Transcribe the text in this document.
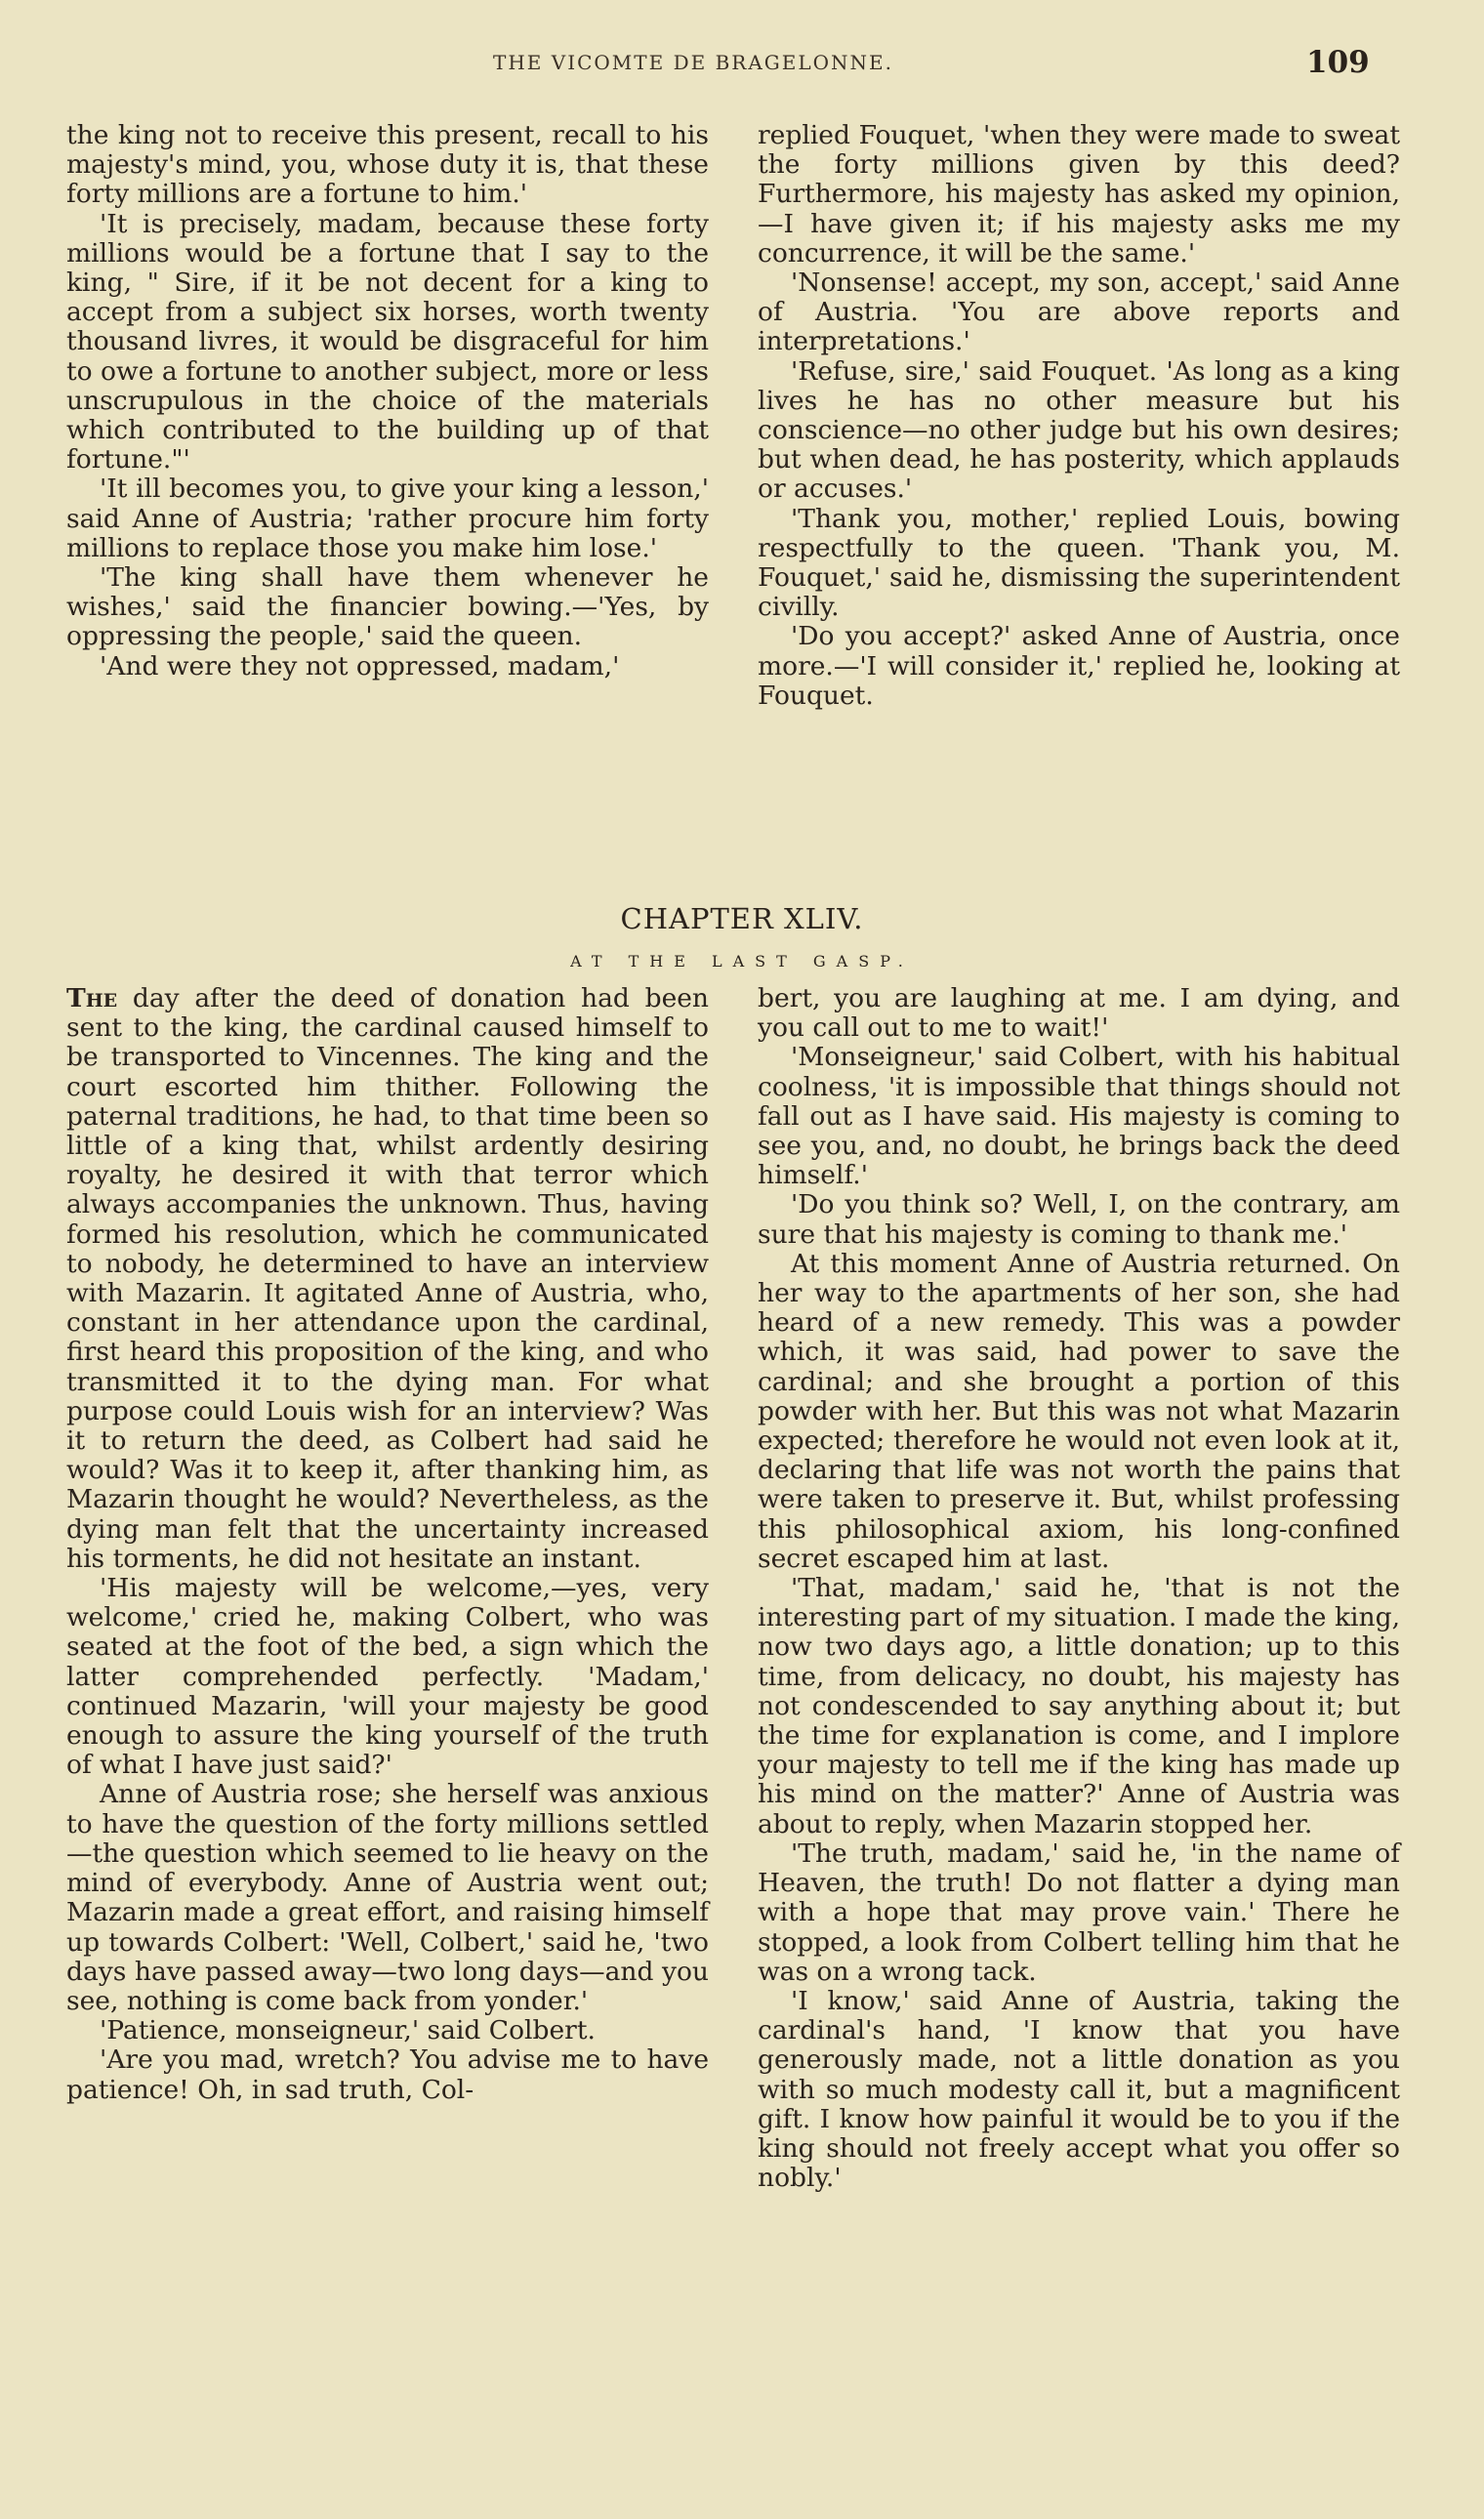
THE VICOMTE DE BRAGELONNE.	109

the king not to receive this present, recall to his majesty's mind, you, whose duty it is, that these forty millions are a fortune to him.'

'It is precisely, madam, because these forty millions would be a fortune that I say to the king, " Sire, if it be not decent for a king to accept from a subject six horses, worth twenty thousand livres, it would be disgraceful for him to owe a fortune to another subject, more or less unscrupulous in the choice of the materials which contributed to the building up of that fortune."'

'It ill becomes you, to give your king a lesson,' said Anne of Austria; 'rather procure him forty millions to replace those you make him lose.'

'The king shall have them whenever he wishes,' said the financier bowing.—'Yes, by oppressing the people,' said the queen.

'And were they not oppressed, madam,'

replied Fouquet, 'when they were made to sweat the forty millions given by this deed? Furthermore, his majesty has asked my opinion,—I have given it; if his majesty asks me my concurrence, it will be the same.'

'Nonsense! accept, my son, accept,' said Anne of Austria. 'You are above reports and interpretations.'

'Refuse, sire,' said Fouquet. 'As long as a king lives he has no other measure but his conscience—no other judge but his own desires; but when dead, he has posterity, which applauds or accuses.'

'Thank you, mother,' replied Louis, bowing respectfully to the queen. 'Thank you, M. Fouquet,' said he, dismissing the superintendent civilly.

'Do you accept?' asked Anne of Austria, once more.—'I will consider it,' replied he, looking at Fouquet.

CHAPTER XLIV.
AT THE LAST GASP.

The day after the deed of donation had been sent to the king, the cardinal caused himself to be transported to Vincennes. The king and the court escorted him thither. Following the paternal traditions, he had, to that time been so little of a king that, whilst ardently desiring royalty, he desired it with that terror which always accompanies the unknown. Thus, having formed his resolution, which he communicated to nobody, he determined to have an interview with Mazarin. It agitated Anne of Austria, who, constant in her attendance upon the cardinal, first heard this proposition of the king, and who transmitted it to the dying man. For what purpose could Louis wish for an interview? Was it to return the deed, as Colbert had said he would? Was it to keep it, after thanking him, as Mazarin thought he would? Nevertheless, as the dying man felt that the uncertainty increased his torments, he did not hesitate an instant.

'His majesty will be welcome,—yes, very welcome,' cried he, making Colbert, who was seated at the foot of the bed, a sign which the latter comprehended perfectly. 'Madam,' continued Mazarin, 'will your majesty be good enough to assure the king yourself of the truth of what I have just said?'

Anne of Austria rose; she herself was anxious to have the question of the forty millions settled—the question which seemed to lie heavy on the mind of everybody. Anne of Austria went out; Mazarin made a great effort, and raising himself up towards Colbert: 'Well, Colbert,' said he, 'two days have passed away—two long days—and you see, nothing is come back from yonder.'

'Patience, monseigneur,' said Colbert.

'Are you mad, wretch? You advise me to have patience! Oh, in sad truth, Col-

bert, you are laughing at me. I am dying, and you call out to me to wait!'

'Monseigneur,' said Colbert, with his habitual coolness, 'it is impossible that things should not fall out as I have said. His majesty is coming to see you, and, no doubt, he brings back the deed himself.'

'Do you think so? Well, I, on the contrary, am sure that his majesty is coming to thank me.'

At this moment Anne of Austria returned. On her way to the apartments of her son, she had heard of a new remedy. This was a powder which, it was said, had power to save the cardinal; and she brought a portion of this powder with her. But this was not what Mazarin expected; therefore he would not even look at it, declaring that life was not worth the pains that were taken to preserve it. But, whilst professing this philosophical axiom, his long-confined secret escaped him at last.

'That, madam,' said he, 'that is not the interesting part of my situation. I made the king, now two days ago, a little donation; up to this time, from delicacy, no doubt, his majesty has not condescended to say anything about it; but the time for explanation is come, and I implore your majesty to tell me if the king has made up his mind on the matter?' Anne of Austria was about to reply, when Mazarin stopped her.

'The truth, madam,' said he, 'in the name of Heaven, the truth! Do not flatter a dying man with a hope that may prove vain.' There he stopped, a look from Colbert telling him that he was on a wrong tack.

'I know,' said Anne of Austria, taking the cardinal's hand, 'I know that you have generously made, not a little donation as you with so much modesty call it, but a magnificent gift. I know how painful it would be to you if the king should not freely accept what you offer so nobly.'
